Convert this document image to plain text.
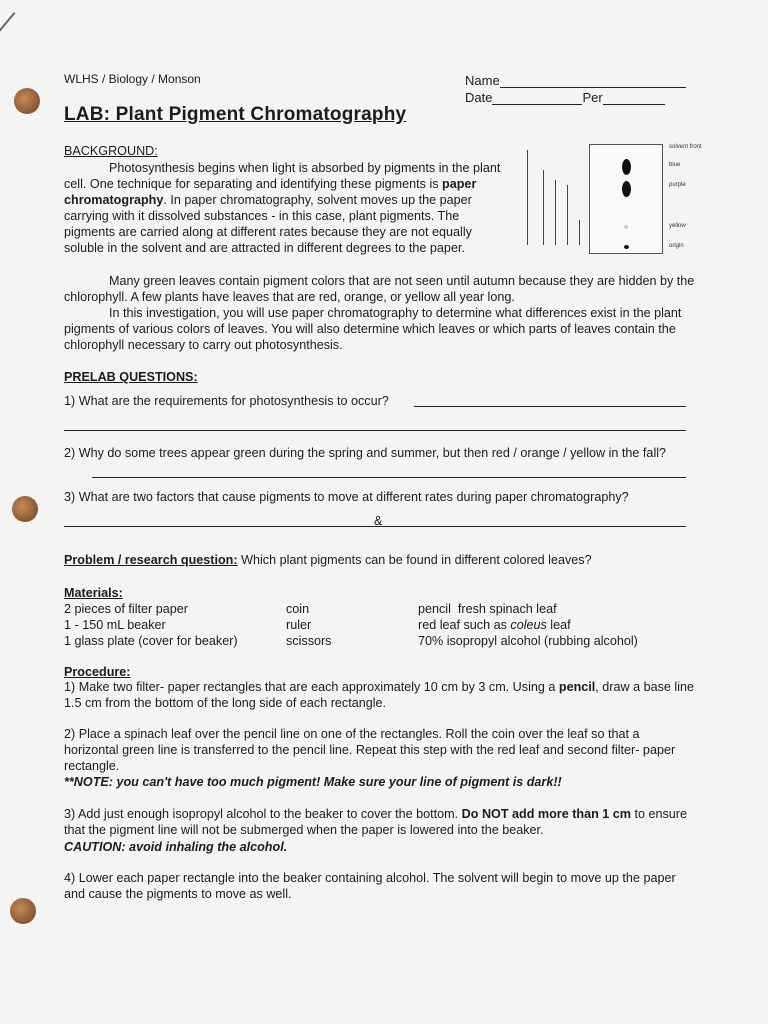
WLHS / Biology / Monson	Name
Date	Per
LAB: Plant Pigment Chromatography
BACKGROUND:
Photosynthesis begins when light is absorbed by pigments in the plant cell. One technique for separating and identifying these pigments is paper chromatography. In paper chromatography, solvent moves up the paper carrying with it dissolved substances - in this case, plant pigments. The pigments are carried along at different rates because they are not equally soluble in the solvent and are attracted in different degrees to the paper.
Many green leaves contain pigment colors that are not seen until autumn because they are hidden by the chlorophyll. A few plants have leaves that are red, orange, or yellow all year long.
In this investigation, you will use paper chromatography to determine what differences exist in the plant pigments of various colors of leaves. You will also determine which leaves or which parts of leaves contain the chlorophyll necessary to carry out photosynthesis.
solvent front
blue
purple
yellow
origin
PRELAB QUESTIONS:
1) What are the requirements for photosynthesis to occur?
2) Why do some trees appear green during the spring and summer, but then red / orange / yellow in the fall?
3) What are two factors that cause pigments to move at different rates during paper chromatography?
&
Problem / research question: Which plant pigments can be found in different colored leaves?
Materials:
2 pieces of filter paper	coin	pencil fresh spinach leaf
1 - 150 mL beaker	ruler	red leaf such as coleus leaf
1 glass plate (cover for beaker)	scissors	70% isopropyl alcohol (rubbing alcohol)
Procedure:
1) Make two filter- paper rectangles that are each approximately 10 cm by 3 cm. Using a pencil, draw a base line 1.5 cm from the bottom of the long side of each rectangle.
2) Place a spinach leaf over the pencil line on one of the rectangles. Roll the coin over the leaf so that a horizontal green line is transferred to the pencil line. Repeat this step with the red leaf and second filter- paper rectangle.
**NOTE: you can't have too much pigment! Make sure your line of pigment is dark!!
3) Add just enough isopropyl alcohol to the beaker to cover the bottom. Do NOT add more than 1 cm to ensure that the pigment line will not be submerged when the paper is lowered into the beaker.
CAUTION: avoid inhaling the alcohol.
4) Lower each paper rectangle into the beaker containing alcohol. The solvent will begin to move up the paper and cause the pigments to move as well.
